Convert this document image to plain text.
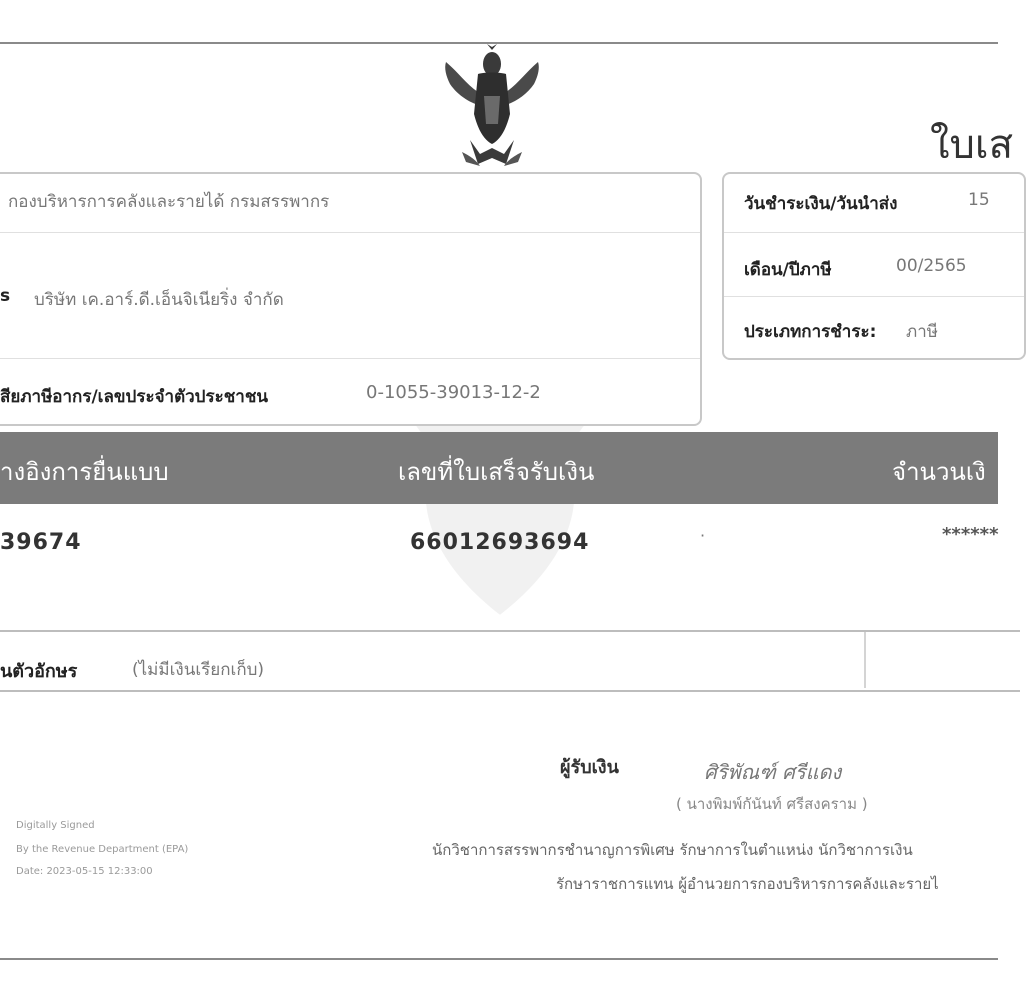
ใบเส
กองบริหารการคลังและรายได้ กรมสรรพากร
s บริษัท เค.อาร์.ดี.เอ็นจิเนียริ่ง จำกัด
สียภาษีอากร/เลขประจำตัวประชาชน	0-1055-39013-12-2
วันชำระเงิน/วันนำส่ง	15
เดือน/ปีภาษี	00/2565
ประเภทการชำระ: ภาษี
างอิงการยื่นแบบ	เลขที่ใบเสร็จรับเงิน	จำนวนเงิ
39674	66012693694	·	******
นตัวอักษร	(ไม่มีเงินเรียกเก็บ)
ผู้รับเงิน	ศิริพัณฑ์ ศรีแดง
( นางพิมพ์กันันท์ ศรีสงคราม )
นักวิชาการสรรพากรชำนาญการพิเศษ รักษาการในตำแหน่ง นักวิชาการเงิน
รักษาราชการแทน ผู้อำนวยการกองบริหารการคลังและรายไ
Digitally Signed
By the Revenue Department (EPA)
Date: 2023-05-15 12:33:00
